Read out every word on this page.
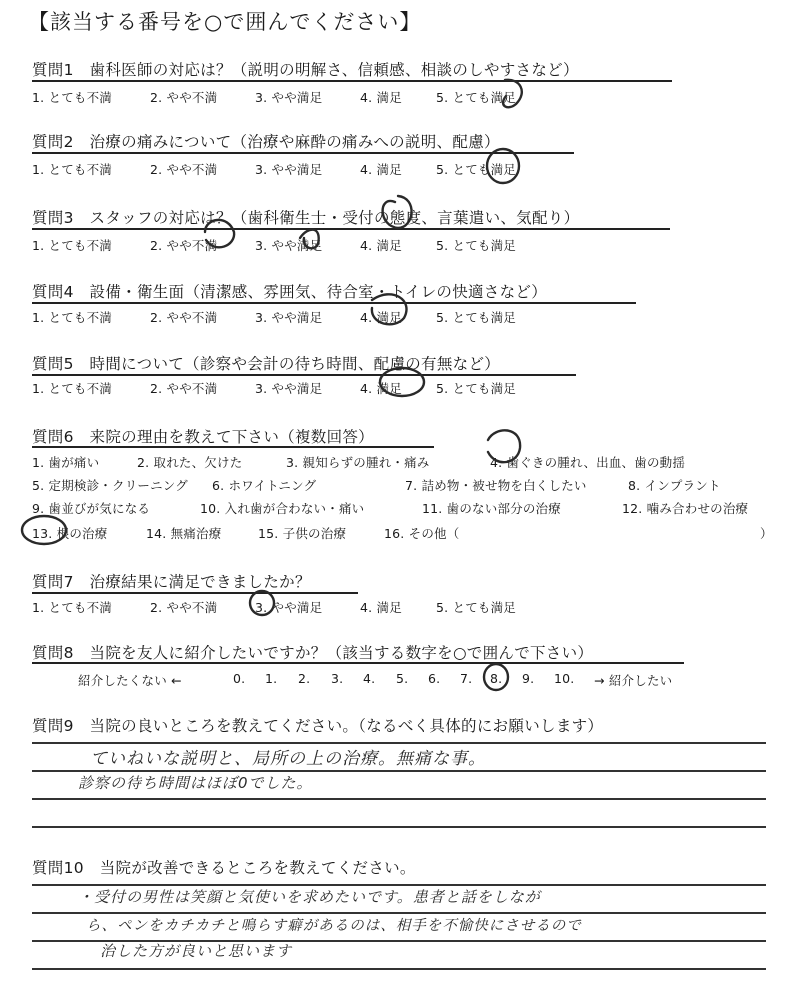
【該当する番号を○で囲んでください】
質問1　歯科医師の対応は？（説明の明解さ、信頼感、相談のしやすさなど）
1. とても不満	2. やや不満	3. やや満足	4. 満足	5. とても満足
質問2　治療の痛みについて（治療や麻酔の痛みへの説明、配慮）
1. とても不満	2. やや不満	3. やや満足	4. 満足	5. とても満足
質問3　スタッフの対応は？（歯科衛生士・受付の態度、言葉遣い、気配り）
1. とても不満	2. やや不満	3. やや満足	4. 満足	5. とても満足
質問4　設備・衛生面（清潔感、雰囲気、待合室・トイレの快適さなど）
1. とても不満	2. やや不満	3. やや満足	4. 満足	5. とても満足
質問5　時間について（診察や会計の待ち時間、配慮の有無など）
1. とても不満	2. やや不満	3. やや満足	4. 満足	5. とても満足
質問6　来院の理由を教えて下さい（複数回答）
1. 歯が痛い	2. 取れた、欠けた	3. 親知らずの腫れ・痛み	4. 歯ぐきの腫れ、出血、歯の動揺
5. 定期検診・クリーニング 6. ホワイトニング	7. 詰め物・被せ物を白くしたい	8. インプラント
9. 歯並びが気になる	10. 入れ歯が合わない・痛い	11. 歯のない部分の治療	12. 噛み合わせの治療
13. 根の治療	14. 無痛治療	15. 子供の治療	16. その他（	）
質問7　治療結果に満足できましたか？
1. とても不満	2. やや不満	3. やや満足	4. 満足	5. とても満足
質問8　当院を友人に紹介したいですか？（該当する数字を○で囲んで下さい）
紹介したくない ←	0. 1. 2. 3. 4. 5. 6. 7. 8. 9. 10. → 紹介したい
質問9　当院の良いところを教えてください。（なるべく具体的にお願いします）
ていねいな説明と、局所の上の治療。無痛な事。
診察の待ち時間はほぼ0でした。
質問10　当院が改善できるところを教えてください。
・受付の男性は笑顔と気使いを求めたいです。患者と話をしなが
ら、ペンをカチカチと鳴らす癖があるのは、相手を不愉快にさせるので
治した方が良いと思います
